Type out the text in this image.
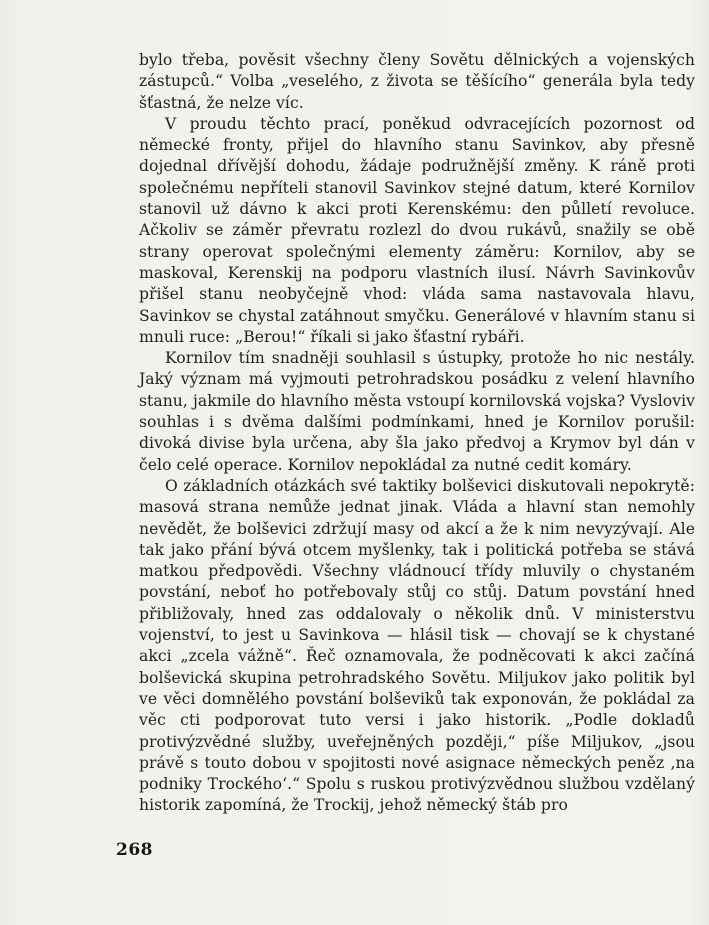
bylo třeba, pověsit všechny členy Sovětu dělnických a vojenských zástupců.“ Volba „veselého, z života se těšícího“ generála byla tedy šťastná, že nelze víc.

V proudu těchto prací, poněkud odvracejících pozornost od německé fronty, přijel do hlavního stanu Savinkov, aby přesně dojednal dřívější dohodu, žádaje podružnější změny. K ráně proti společnému nepříteli stanovil Savinkov stejné datum, které Kornilov stanovil už dávno k akci proti Kerenskému: den půlletí revoluce. Ačkoliv se záměr převratu rozlezl do dvou rukávů, snažily se obě strany operovat společnými elementy záměru: Kornilov, aby se maskoval, Kerenskij na podporu vlastních ilusí. Návrh Savinkovův přišel stanu neobyčejně vhod: vláda sama nastavovala hlavu, Savinkov se chystal zatáhnout smyčku. Generálové v hlavním stanu si mnuli ruce: „Berou!“ říkali si jako šťastní rybáři.

Kornilov tím snadněji souhlasil s ústupky, protože ho nic nestály. Jaký význam má vyjmouti petrohradskou posádku z velení hlavního stanu, jakmile do hlavního města vstoupí kornilovská vojska? Vysloviv souhlas i s dvěma dalšími podmínkami, hned je Kornilov porušil: divoká divise byla určena, aby šla jako předvoj a Krymov byl dán v čelo celé operace. Kornilov nepokládal za nutné cedit komáry.

O základních otázkách své taktiky bolševici diskutovali nepokrytě: masová strana nemůže jednat jinak. Vláda a hlavní stan nemohly nevědět, že bolševici zdržují masy od akcí a že k nim nevyzývají. Ale tak jako přání bývá otcem myšlenky, tak i politická potřeba se stává matkou předpovědi. Všechny vládnoucí třídy mluvily o chystaném povstání, neboť ho potřebovaly stůj co stůj. Datum povstání hned přibližovaly, hned zas oddalovaly o několik dnů. V ministerstvu vojenství, to jest u Savinkova — hlásil tisk — chovají se k chystané akci „zcela vážně“. Řeč oznamovala, že podněcovati k akci začíná bolševická skupina petrohradského Sovětu. Miljukov jako politik byl ve věci domnělého povstání bolševiků tak exponován, že pokládal za věc cti podporovat tuto versi i jako historik. „Podle dokladů protivýzvědné služby, uveřejněných později,“ píše Miljukov, „jsou právě s touto dobou v spojitosti nové asignace německých peněz ‚na podniky Trockého‘.“ Spolu s ruskou protivýzvědnou službou vzdělaný historik zapomíná, že Trockij, jehož německý štáb pro

268
